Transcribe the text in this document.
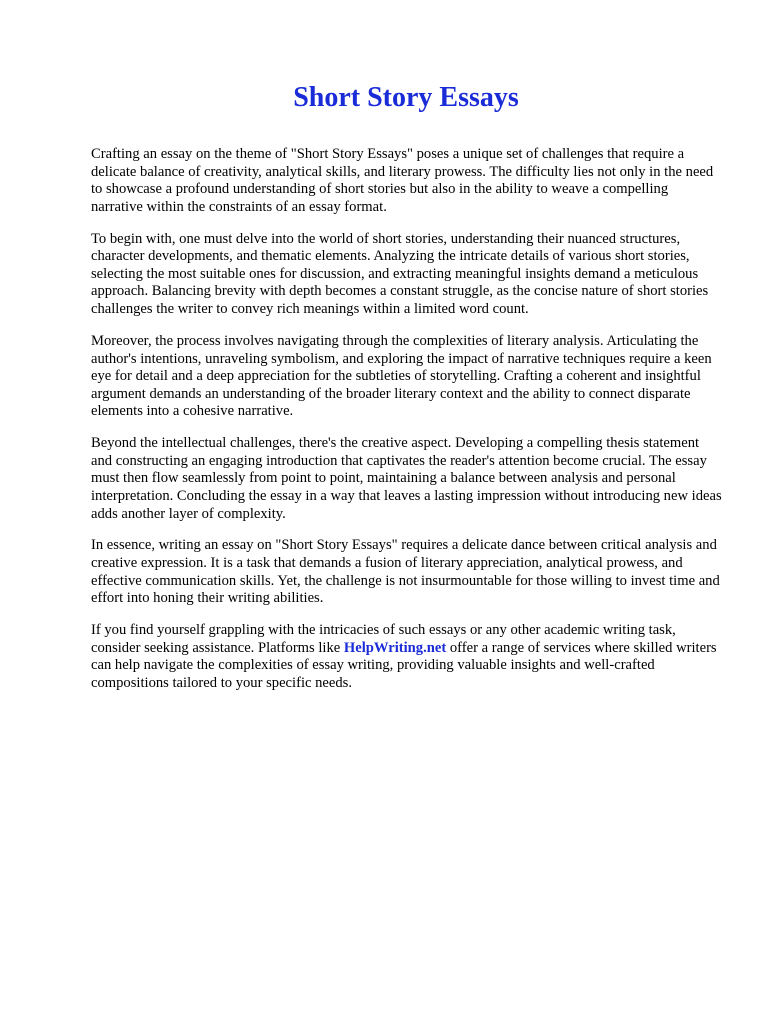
Short Story Essays

Crafting an essay on the theme of "Short Story Essays" poses a unique set of challenges that require a delicate balance of creativity, analytical skills, and literary prowess. The difficulty lies not only in the need to showcase a profound understanding of short stories but also in the ability to weave a compelling narrative within the constraints of an essay format.

To begin with, one must delve into the world of short stories, understanding their nuanced structures, character developments, and thematic elements. Analyzing the intricate details of various short stories, selecting the most suitable ones for discussion, and extracting meaningful insights demand a meticulous approach. Balancing brevity with depth becomes a constant struggle, as the concise nature of short stories challenges the writer to convey rich meanings within a limited word count.

Moreover, the process involves navigating through the complexities of literary analysis. Articulating the author's intentions, unraveling symbolism, and exploring the impact of narrative techniques require a keen eye for detail and a deep appreciation for the subtleties of storytelling. Crafting a coherent and insightful argument demands an understanding of the broader literary context and the ability to connect disparate elements into a cohesive narrative.

Beyond the intellectual challenges, there's the creative aspect. Developing a compelling thesis statement and constructing an engaging introduction that captivates the reader's attention become crucial. The essay must then flow seamlessly from point to point, maintaining a balance between analysis and personal interpretation. Concluding the essay in a way that leaves a lasting impression without introducing new ideas adds another layer of complexity.

In essence, writing an essay on "Short Story Essays" requires a delicate dance between critical analysis and creative expression. It is a task that demands a fusion of literary appreciation, analytical prowess, and effective communication skills. Yet, the challenge is not insurmountable for those willing to invest time and effort into honing their writing abilities.

If you find yourself grappling with the intricacies of such essays or any other academic writing task, consider seeking assistance. Platforms like HelpWriting.net offer a range of services where skilled writers can help navigate the complexities of essay writing, providing valuable insights and well-crafted compositions tailored to your specific needs.
